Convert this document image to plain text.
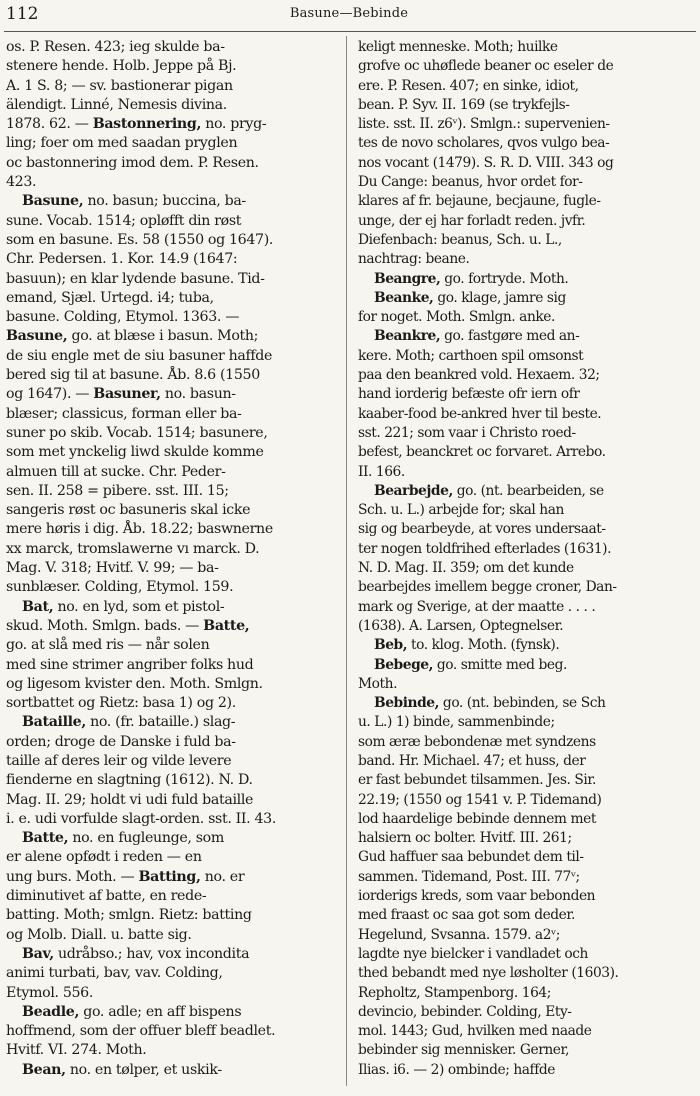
112	Basune—Bebinde
os. P. Resen. 423; ieg skulde ba-
stenere hende. Holb. Jeppe på Bj.
A. 1 S. 8; — sv. bastionerar pigan
älendigt. Linné, Nemesis divina.
1878. 62. — Bastonnering, no. pryg-
ling; foer om med saadan pryglen
oc bastonnering imod dem. P. Resen.
423.
Basune, no. basun; buccina, ba-
sune. Vocab. 1514; opløfft din røst
som en basune. Es. 58 (1550 og 1647).
Chr. Pedersen. 1. Kor. 14.9 (1647:
basuun); en klar lydende basune. Tid-
emand, Sjæl. Urtegd. i4; tuba,
basune. Colding, Etymol. 1363. —
Basune, go. at blæse i basun. Moth;
de siu engle met de siu basuner haffde
bered sig til at basune. Åb. 8.6 (1550
og 1647). — Basuner, no. basun-
blæser; classicus, forman eller ba-
suner po skib. Vocab. 1514; basunere,
som met ynckelig liwd skulde komme
almuen till at sucke. Chr. Peder-
sen. II. 258 = pibere. sst. III. 15;
sangeris røst oc basuneris skal icke
mere høris i dig. Åb. 18.22; baswnerne
xx marck, tromslawerne vı marck. D.
Mag. V. 318; Hvitf. V. 99; — ba-
sunblæser. Colding, Etymol. 159.
Bat, no. en lyd, som et pistol-
skud. Moth. Smlgn. bads. — Batte,
go. at slå med ris — når solen
med sine strimer angriber folks hud
og ligesom kvister den. Moth. Smlgn.
sortbattet og Rietz: basa 1) og 2).
Bataille, no. (fr. bataille.) slag-
orden; droge de Danske i fuld ba-
taille af deres leir og vilde levere
fienderne en slagtning (1612). N. D.
Mag. II. 29; holdt vi udi fuld bataille
i. e. udi vorfulde slagt-orden. sst. II. 43.
Batte, no. en fugleunge, som
er alene opfødt i reden — en
ung burs. Moth. — Batting, no. er
diminutivet af batte, en rede-
batting. Moth; smlgn. Rietz: batting
og Molb. Diall. u. batte sig.
Bav, udråbso.; hav, vox incondita
animi turbati, bav, vav. Colding,
Etymol. 556.
Beadle, go. adle; en aff bispens
hoffmend, som der offuer bleff beadlet.
Hvitf. VI. 274. Moth.
Bean, no. en tølper, et uskik-
keligt menneske. Moth; huilke
grofve oc uhøflede beaner oc eseler de
ere. P. Resen. 407; en sinke, idiot,
bean. P. Syv. II. 169 (se trykfejls-
liste. sst. II. z6ᵛ). Smlgn.: supervenien-
tes de novo scholares, qvos vulgo bea-
nos vocant (1479). S. R. D. VIII. 343 og
Du Cange: beanus, hvor ordet for-
klares af fr. bejaune, becjaune, fugle-
unge, der ej har forladt reden. jvfr.
Diefenbach: beanus, Sch. u. L.,
nachtrag: beane.
Beangre, go. fortryde. Moth.
Beanke, go. klage, jamre sig
for noget. Moth. Smlgn. anke.
Beankre, go. fastgøre med an-
kere. Moth; carthoen spil omsonst
paa den beankred vold. Hexaem. 32;
hand iorderig befæste ofr iern ofr
kaaber-food be-ankred hver til beste.
sst. 221; som vaar i Christo roed-
befest, beanckret oc forvaret. Arrebo.
II. 166.
Bearbejde, go. (nt. bearbeiden, se
Sch. u. L.) arbejde for; skal han
sig og bearbeyde, at vores undersaat-
ter nogen toldfrihed efterlades (1631).
N. D. Mag. II. 359; om det kunde
bearbejdes imellem begge croner, Dan-
mark og Sverige, at der maatte . . . .
(1638). A. Larsen, Optegnelser.
Beb, to. klog. Moth. (fynsk).
Bebege, go. smitte med beg.
Moth.
Bebinde, go. (nt. bebinden, se Sch
u. L.) 1) binde, sammenbinde;
som æræ bebondenæ met syndzens
band. Hr. Michael. 47; et huss, der
er fast bebundet tilsammen. Jes. Sir.
22.19; (1550 og 1541 v. P. Tidemand)
lod haardelige bebinde dennem met
halsiern oc bolter. Hvitf. III. 261;
Gud haffuer saa bebundet dem til-
sammen. Tidemand, Post. III. 77ᵛ;
iorderigs kreds, som vaar bebonden
med fraast oc saa got som deder.
Hegelund, Svsanna. 1579. a2ᵛ;
lagdte nye bielcker i vandladet och
thed bebandt med nye løsholter (1603).
Repholtz, Stampenborg. 164;
devincio, bebinder. Colding, Ety-
mol. 1443; Gud, hvilken med naade
bebinder sig mennisker. Gerner,
Ilias. i6. — 2) ombinde; haffde
